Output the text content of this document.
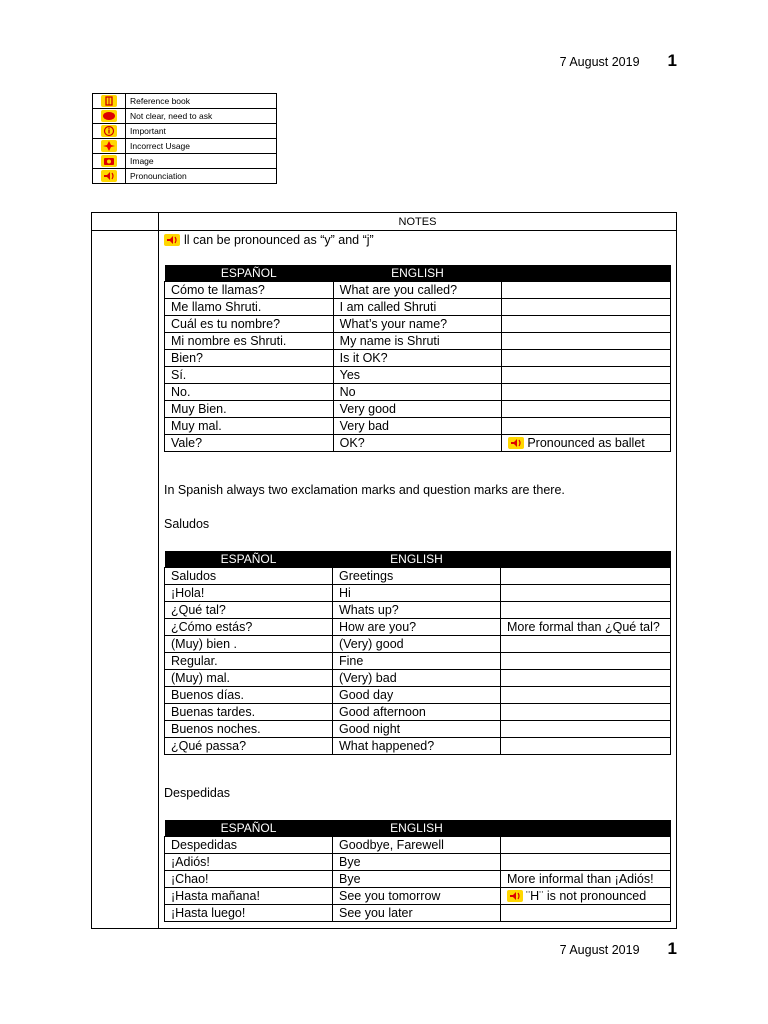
7 August 2019 1
	Reference book

	Not clear, need to ask

	Important

	Incorrect Usage

	Image

	Pronounciation
NOTES
ll can be pronounced as “y” and “j”
ESPAÑOL	ENGLISH	
Cómo te llamas?	What are you called?	
Me llamo Shruti.	I am called Shruti	
Cuál es tu nombre?	What’s your name?	
Mi nombre es Shruti.	My name is Shruti	
Bien?	Is it OK?	
Sí.	Yes	
No.	No	
Muy Bien.	Very good	
Muy mal.	Very bad	
Vale?	OK?	Pronounced as ballet
In Spanish always two exclamation marks and question marks are there.
Saludos
ESPAÑOL	ENGLISH	
Saludos	Greetings	
¡Hola!	Hi	
¿Qué tal?	Whats up?	
¿Cómo estás?	How are you?	More formal than ¿Qué tal?
(Muy) bien .	(Very) good	
Regular.	Fine	
(Muy) mal.	(Very) bad	
Buenos días.	Good day	
Buenas tardes.	Good afternoon	
Buenos noches.	Good night	
¿Qué passa?	What happened?	
Despedidas
ESPAÑOL	ENGLISH	
Despedidas	Goodbye, Farewell	
¡Adiós!	Bye	
¡Chao!	Bye	More informal than ¡Adiós!
¡Hasta mañana!	See you tomorrow	¨H¨ is not pronounced
¡Hasta luego!	See you later	
7 August 2019 1
